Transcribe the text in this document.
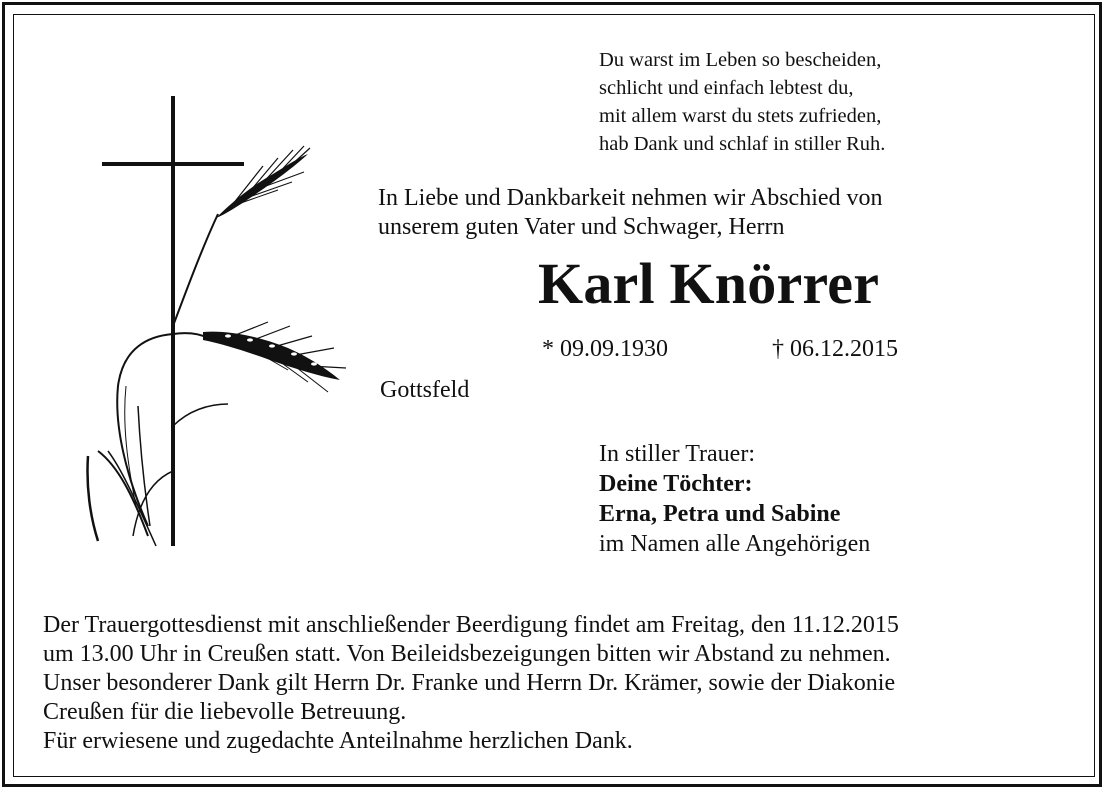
Du warst im Leben so bescheiden,
schlicht und einfach lebtest du,
mit allem warst du stets zufrieden,
hab Dank und schlaf in stiller Ruh.
In Liebe und Dankbarkeit nehmen wir Abschied von
unserem guten Vater und Schwager, Herrn
Karl Knörrer
* 09.09.1930	† 06.12.2015
Gottsfeld
In stiller Trauer:
Deine Töchter:
Erna, Petra und Sabine
im Namen alle Angehörigen
Der Trauergottesdienst mit anschließender Beerdigung findet am Freitag, den 11.12.2015
um 13.00 Uhr in Creußen statt. Von Beileidsbezeigungen bitten wir Abstand zu nehmen.
Unser besonderer Dank gilt Herrn Dr. Franke und Herrn Dr. Krämer, sowie der Diakonie
Creußen für die liebevolle Betreuung.
Für erwiesene und zugedachte Anteilnahme herzlichen Dank.
